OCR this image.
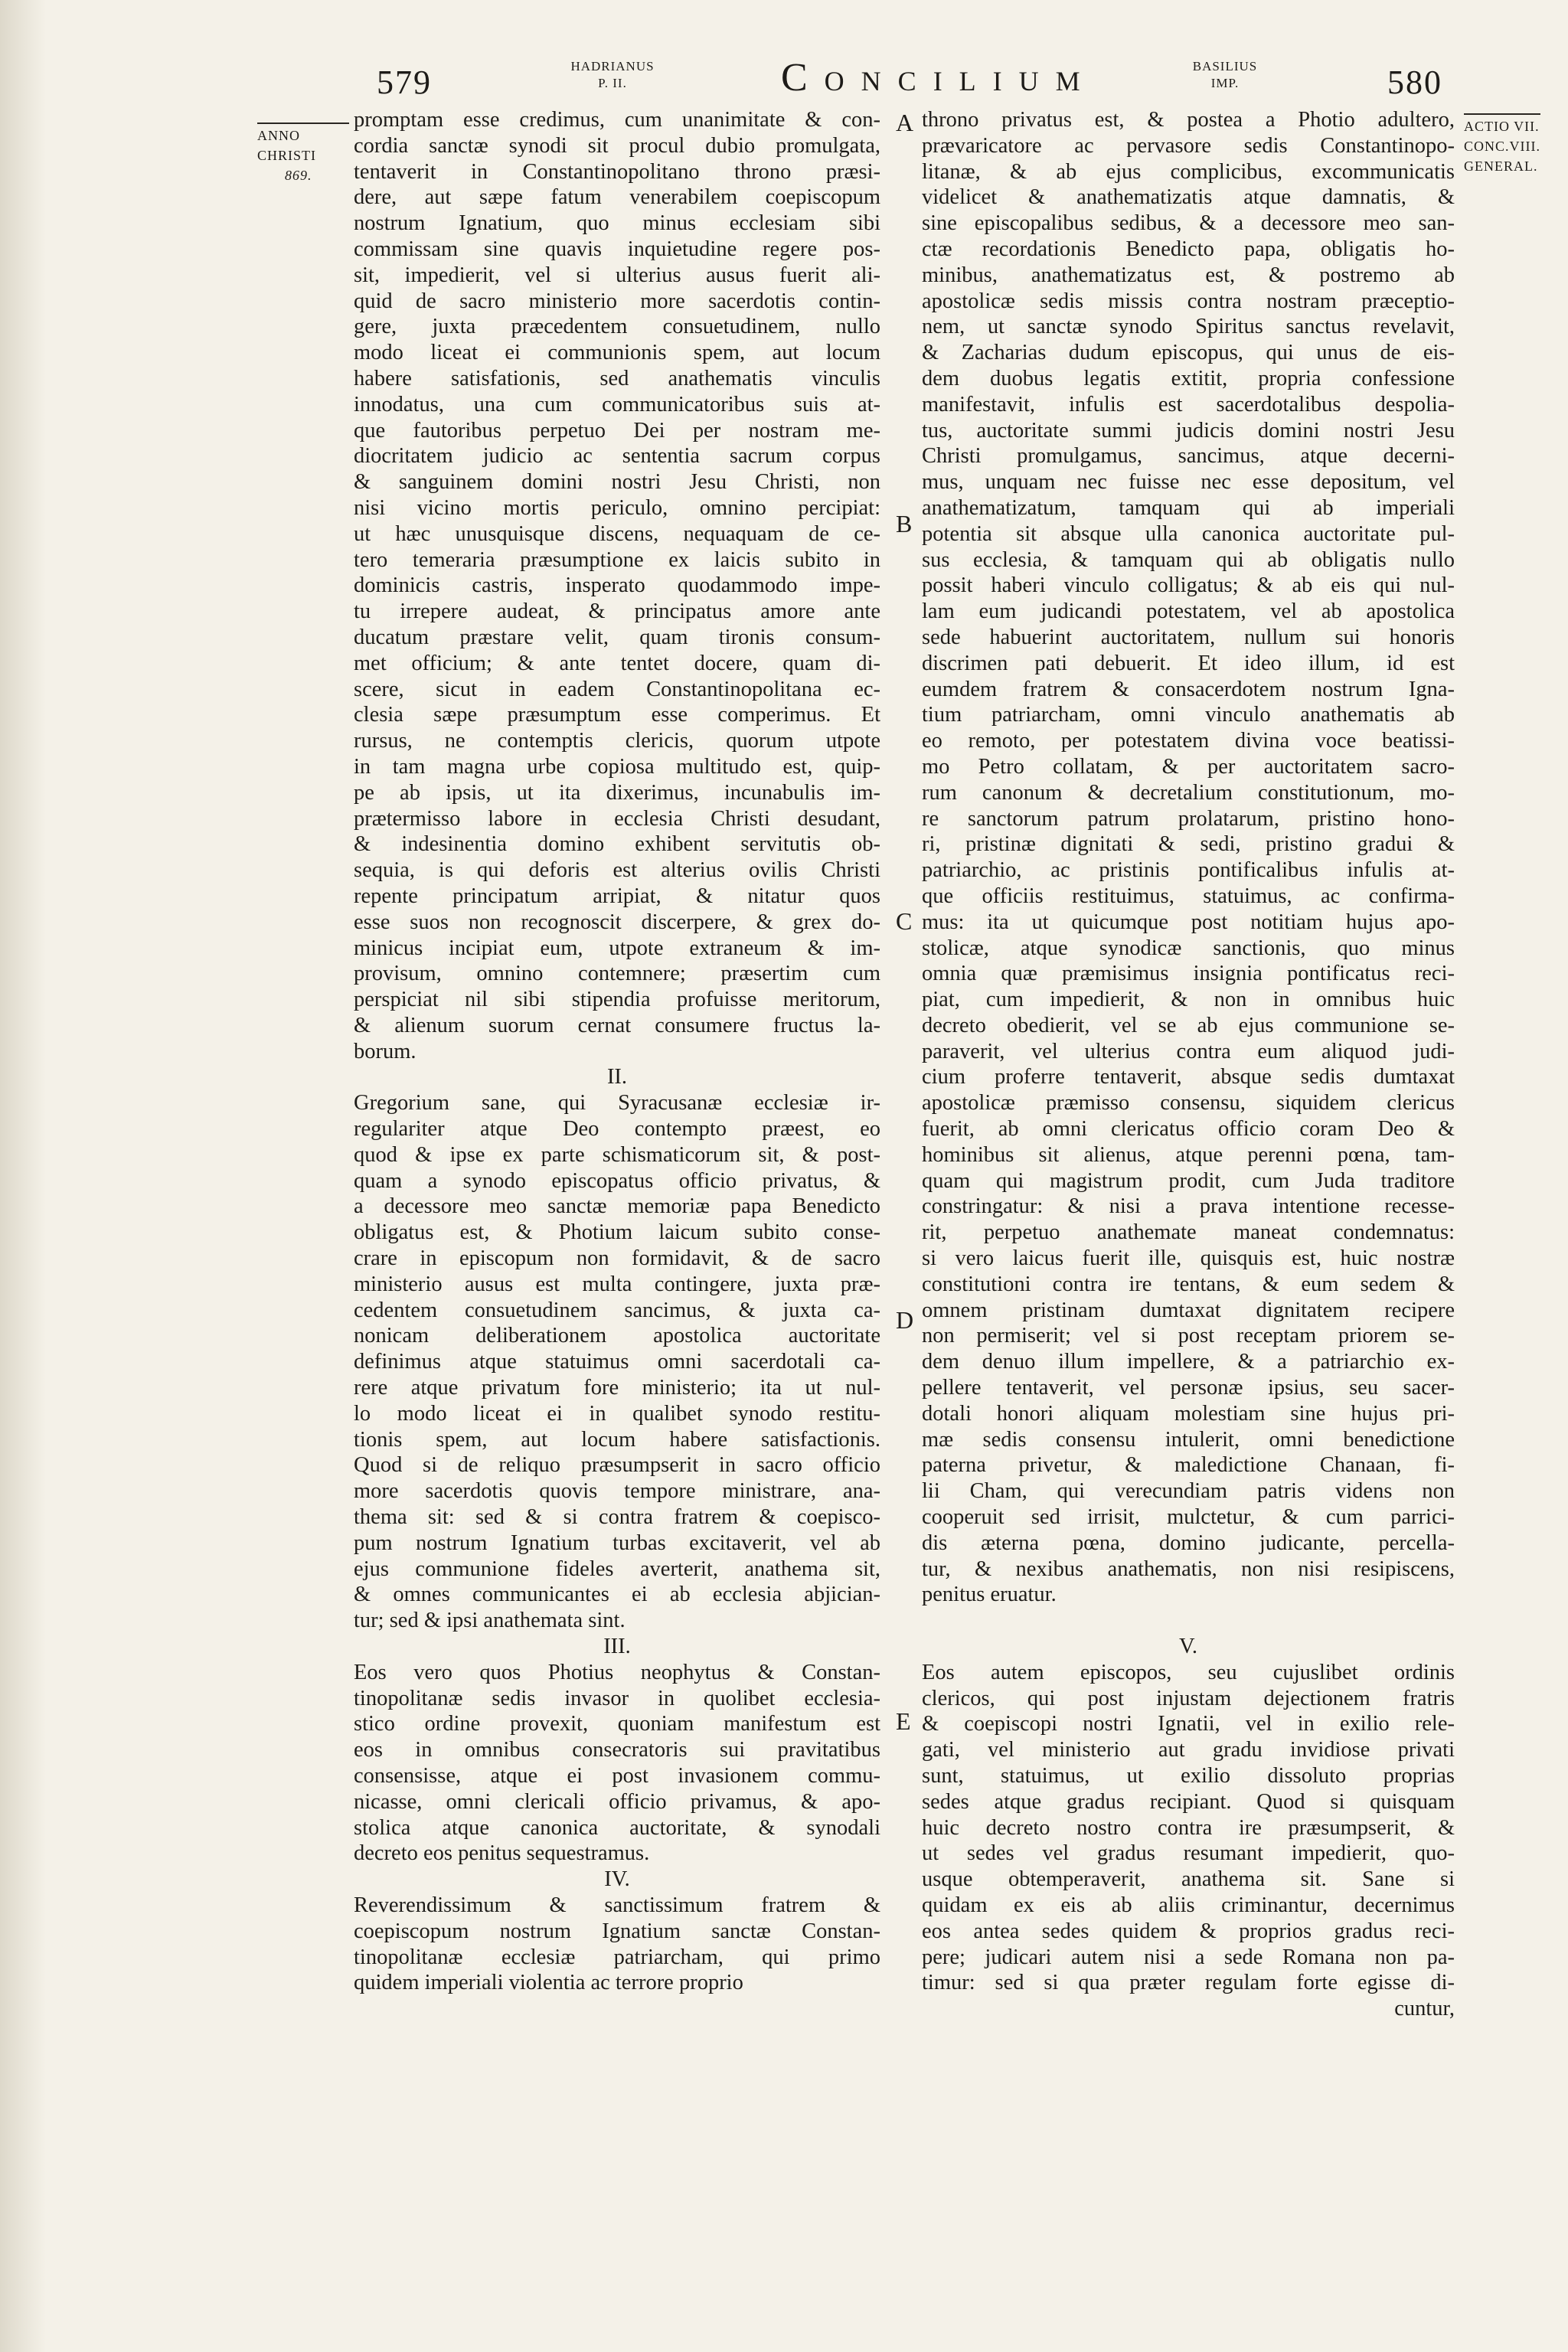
579	HADRIANUS
P. II.	Concilium	BASILIUS
IMP.	580
ANNO
CHRISTI
869.
ACTIO VII.
CONC.VIII.
GENERAL.
A
B
C
D
E
promptam esse credimus, cum unanimitate & con-
cordia sanctæ synodi sit procul dubio promulgata,
tentaverit in Constantinopolitano throno præsi-
dere, aut sæpe fatum venerabilem coepiscopum
nostrum Ignatium, quo minus ecclesiam sibi
commissam sine quavis inquietudine regere pos-
sit, impedierit, vel si ulterius ausus fuerit ali-
quid de sacro ministerio more sacerdotis contin-
gere, juxta præcedentem consuetudinem, nullo
modo liceat ei communionis spem, aut locum
habere satisfationis, sed anathematis vinculis
innodatus, una cum communicatoribus suis at-
que fautoribus perpetuo Dei per nostram me-
diocritatem judicio ac sententia sacrum corpus
& sanguinem domini nostri Jesu Christi, non
nisi vicino mortis periculo, omnino percipiat:
ut hæc unusquisque discens, nequaquam de ce-
tero temeraria præsumptione ex laicis subito in
dominicis castris, insperato quodammodo impe-
tu irrepere audeat, & principatus amore ante
ducatum præstare velit, quam tironis consum-
met officium; & ante tentet docere, quam di-
scere, sicut in eadem Constantinopolitana ec-
clesia sæpe præsumptum esse comperimus. Et
rursus, ne contemptis clericis, quorum utpote
in tam magna urbe copiosa multitudo est, quip-
pe ab ipsis, ut ita dixerimus, incunabulis im-
prætermisso labore in ecclesia Christi desudant,
& indesinentia domino exhibent servitutis ob-
sequia, is qui deforis est alterius ovilis Christi
repente principatum arripiat, & nitatur quos
esse suos non recognoscit discerpere, & grex do-
minicus incipiat eum, utpote extraneum & im-
provisum, omnino contemnere; præsertim cum
perspiciat nil sibi stipendia profuisse meritorum,
& alienum suorum cernat consumere fructus la-
borum.
II.
Gregorium sane, qui Syracusanæ ecclesiæ ir-
regulariter atque Deo contempto præest, eo
quod & ipse ex parte schismaticorum sit, & post-
quam a synodo episcopatus officio privatus, &
a decessore meo sanctæ memoriæ papa Benedicto
obligatus est, & Photium laicum subito conse-
crare in episcopum non formidavit, & de sacro
ministerio ausus est multa contingere, juxta præ-
cedentem consuetudinem sancimus, & juxta ca-
nonicam deliberationem apostolica auctoritate
definimus atque statuimus omni sacerdotali ca-
rere atque privatum fore ministerio; ita ut nul-
lo modo liceat ei in qualibet synodo restitu-
tionis spem, aut locum habere satisfactionis.
Quod si de reliquo præsumpserit in sacro officio
more sacerdotis quovis tempore ministrare, ana-
thema sit: sed & si contra fratrem & coepisco-
pum nostrum Ignatium turbas excitaverit, vel ab
ejus communione fideles averterit, anathema sit,
& omnes communicantes ei ab ecclesia abjician-
tur; sed & ipsi anathemata sint.
III.
Eos vero quos Photius neophytus & Constan-
tinopolitanæ sedis invasor in quolibet ecclesia-
stico ordine provexit, quoniam manifestum est
eos in omnibus consecratoris sui pravitatibus
consensisse, atque ei post invasionem commu-
nicasse, omni clericali officio privamus, & apo-
stolica atque canonica auctoritate, & synodali
decreto eos penitus sequestramus.
IV.
Reverendissimum & sanctissimum fratrem &
coepiscopum nostrum Ignatium sanctæ Constan-
tinopolitanæ ecclesiæ patriarcham, qui primo
quidem imperiali violentia ac terrore proprio
throno privatus est, & postea a Photio adultero,
prævaricatore ac pervasore sedis Constantinopo-
litanæ, & ab ejus complicibus, excommunicatis
videlicet & anathematizatis atque damnatis, &
sine episcopalibus sedibus, & a decessore meo san-
ctæ recordationis Benedicto papa, obligatis ho-
minibus, anathematizatus est, & postremo ab
apostolicæ sedis missis contra nostram præceptio-
nem, ut sanctæ synodo Spiritus sanctus revelavit,
& Zacharias dudum episcopus, qui unus de eis-
dem duobus legatis extitit, propria confessione
manifestavit, infulis est sacerdotalibus despolia-
tus, auctoritate summi judicis domini nostri Jesu
Christi promulgamus, sancimus, atque decerni-
mus, unquam nec fuisse nec esse depositum, vel
anathematizatum, tamquam qui ab imperiali
potentia sit absque ulla canonica auctoritate pul-
sus ecclesia, & tamquam qui ab obligatis nullo
possit haberi vinculo colligatus; & ab eis qui nul-
lam eum judicandi potestatem, vel ab apostolica
sede habuerint auctoritatem, nullum sui honoris
discrimen pati debuerit. Et ideo illum, id est
eumdem fratrem & consacerdotem nostrum Igna-
tium patriarcham, omni vinculo anathematis ab
eo remoto, per potestatem divina voce beatissi-
mo Petro collatam, & per auctoritatem sacro-
rum canonum & decretalium constitutionum, mo-
re sanctorum patrum prolatarum, pristino hono-
ri, pristinæ dignitati & sedi, pristino gradui &
patriarchio, ac pristinis pontificalibus infulis at-
que officiis restituimus, statuimus, ac confirma-
mus: ita ut quicumque post notitiam hujus apo-
stolicæ, atque synodicæ sanctionis, quo minus
omnia quæ præmisimus insignia pontificatus reci-
piat, cum impedierit, & non in omnibus huic
decreto obedierit, vel se ab ejus communione se-
paraverit, vel ulterius contra eum aliquod judi-
cium proferre tentaverit, absque sedis dumtaxat
apostolicæ præmisso consensu, siquidem clericus
fuerit, ab omni clericatus officio coram Deo &
hominibus sit alienus, atque perenni pœna, tam-
quam qui magistrum prodit, cum Juda traditore
constringatur: & nisi a prava intentione recesse-
rit, perpetuo anathemate maneat condemnatus:
si vero laicus fuerit ille, quisquis est, huic nostræ
constitutioni contra ire tentans, & eum sedem &
omnem pristinam dumtaxat dignitatem recipere
non permiserit; vel si post receptam priorem se-
dem denuo illum impellere, & a patriarchio ex-
pellere tentaverit, vel personæ ipsius, seu sacer-
dotali honori aliquam molestiam sine hujus pri-
mæ sedis consensu intulerit, omni benedictione
paterna privetur, & maledictione Chanaan, fi-
lii Cham, qui verecundiam patris videns non
cooperuit sed irrisit, mulctetur, & cum parrici-
dis æterna pœna, domino judicante, percella-
tur, & nexibus anathematis, non nisi resipiscens,
penitus eruatur.
V.
Eos autem episcopos, seu cujuslibet ordinis
clericos, qui post injustam dejectionem fratris
& coepiscopi nostri Ignatii, vel in exilio rele-
gati, vel ministerio aut gradu invidiose privati
sunt, statuimus, ut exilio dissoluto proprias
sedes atque gradus recipiant. Quod si quisquam
huic decreto nostro contra ire præsumpserit, &
ut sedes vel gradus resumant impedierit, quo-
usque obtemperaverit, anathema sit. Sane si
quidam ex eis ab aliis criminantur, decernimus
eos antea sedes quidem & proprios gradus reci-
pere; judicari autem nisi a sede Romana non pa-
timur: sed si qua præter regulam forte egisse di-
cuntur,
